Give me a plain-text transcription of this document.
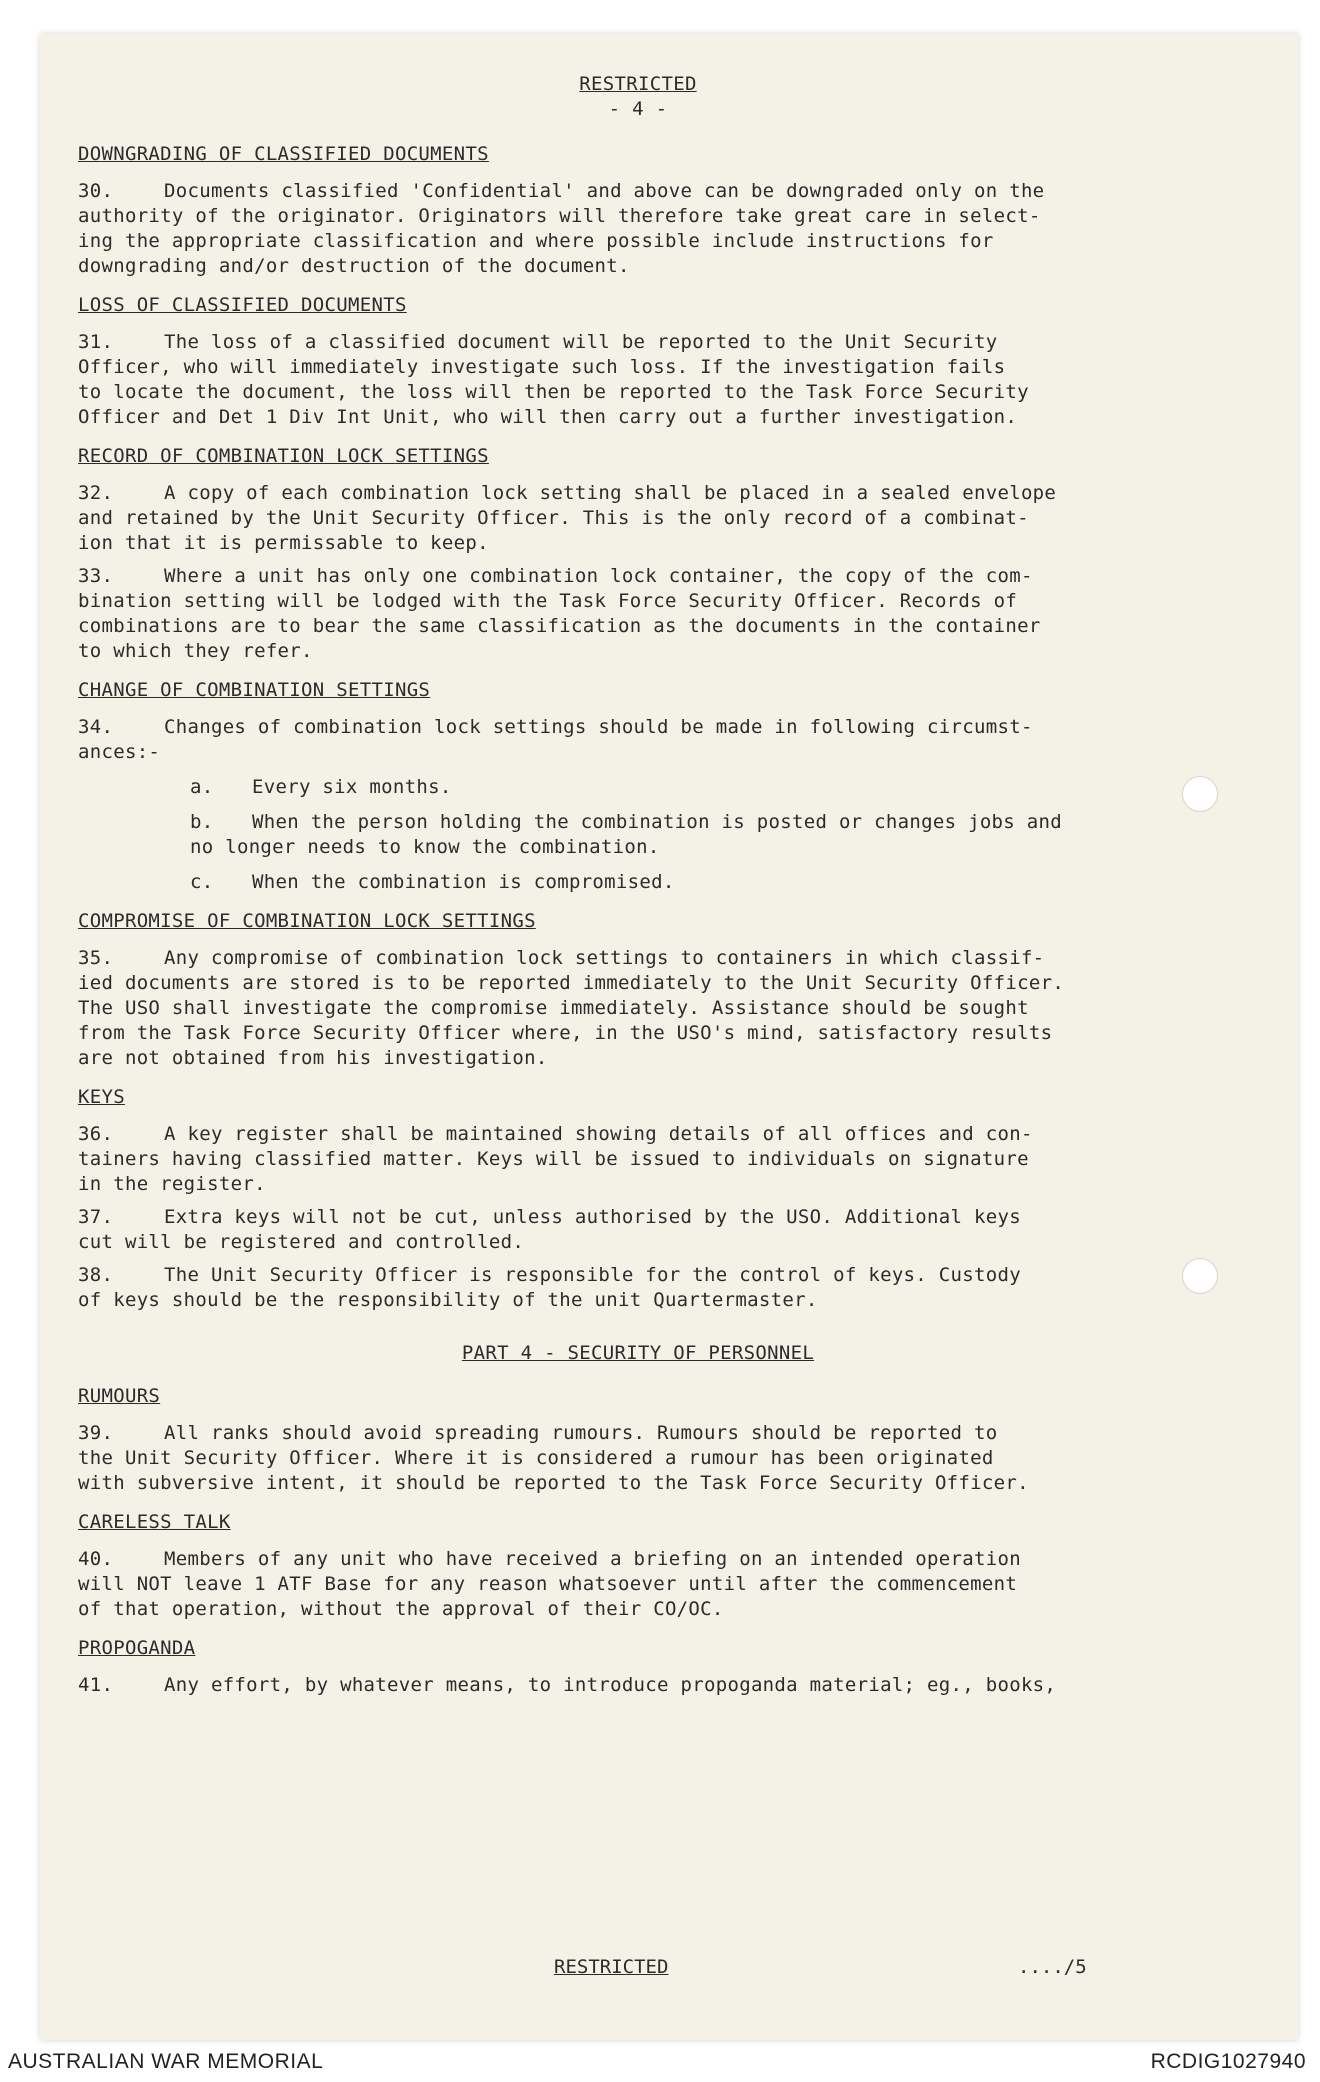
RESTRICTED
- 4 -
DOWNGRADING OF CLASSIFIED DOCUMENTS
30.	Documents classified 'Confidential' and above can be downgraded only on the
authority of the originator. Originators will therefore take great care in select-
ing the appropriate classification and where possible include instructions for
downgrading and/or destruction of the document.
LOSS OF CLASSIFIED DOCUMENTS
31.	The loss of a classified document will be reported to the Unit Security
Officer, who will immediately investigate such loss. If the investigation fails
to locate the document, the loss will then be reported to the Task Force Security
Officer and Det 1 Div Int Unit, who will then carry out a further investigation.
RECORD OF COMBINATION LOCK SETTINGS
32.	A copy of each combination lock setting shall be placed in a sealed envelope
and retained by the Unit Security Officer. This is the only record of a combinat-
ion that it is permissable to keep.
33.	Where a unit has only one combination lock container, the copy of the com-
bination setting will be lodged with the Task Force Security Officer. Records of
combinations are to bear the same classification as the documents in the container
to which they refer.
CHANGE OF COMBINATION SETTINGS
34.	Changes of combination lock settings should be made in following circumst-
ances:-
a. Every six months.
b. When the person holding the combination is posted or changes jobs and
no longer needs to know the combination.
c. When the combination is compromised.
COMPROMISE OF COMBINATION LOCK SETTINGS
35.	Any compromise of combination lock settings to containers in which classif-
ied documents are stored is to be reported immediately to the Unit Security Officer.
The USO shall investigate the compromise immediately. Assistance should be sought
from the Task Force Security Officer where, in the USO's mind, satisfactory results
are not obtained from his investigation.
KEYS
36.	A key register shall be maintained showing details of all offices and con-
tainers having classified matter. Keys will be issued to individuals on signature
in the register.
37.	Extra keys will not be cut, unless authorised by the USO. Additional keys
cut will be registered and controlled.
38.	The Unit Security Officer is responsible for the control of keys. Custody
of keys should be the responsibility of the unit Quartermaster.
PART 4 - SECURITY OF PERSONNEL
RUMOURS
39.	All ranks should avoid spreading rumours. Rumours should be reported to
the Unit Security Officer. Where it is considered a rumour has been originated
with subversive intent, it should be reported to the Task Force Security Officer.
CARELESS TALK
40.	Members of any unit who have received a briefing on an intended operation
will NOT leave 1 ATF Base for any reason whatsoever until after the commencement
of that operation, without the approval of their CO/OC.
PROPOGANDA
41.	Any effort, by whatever means, to introduce propoganda material; eg., books,
RESTRICTED	..../5
AUSTRALIAN WAR MEMORIAL	RCDIG1027940
